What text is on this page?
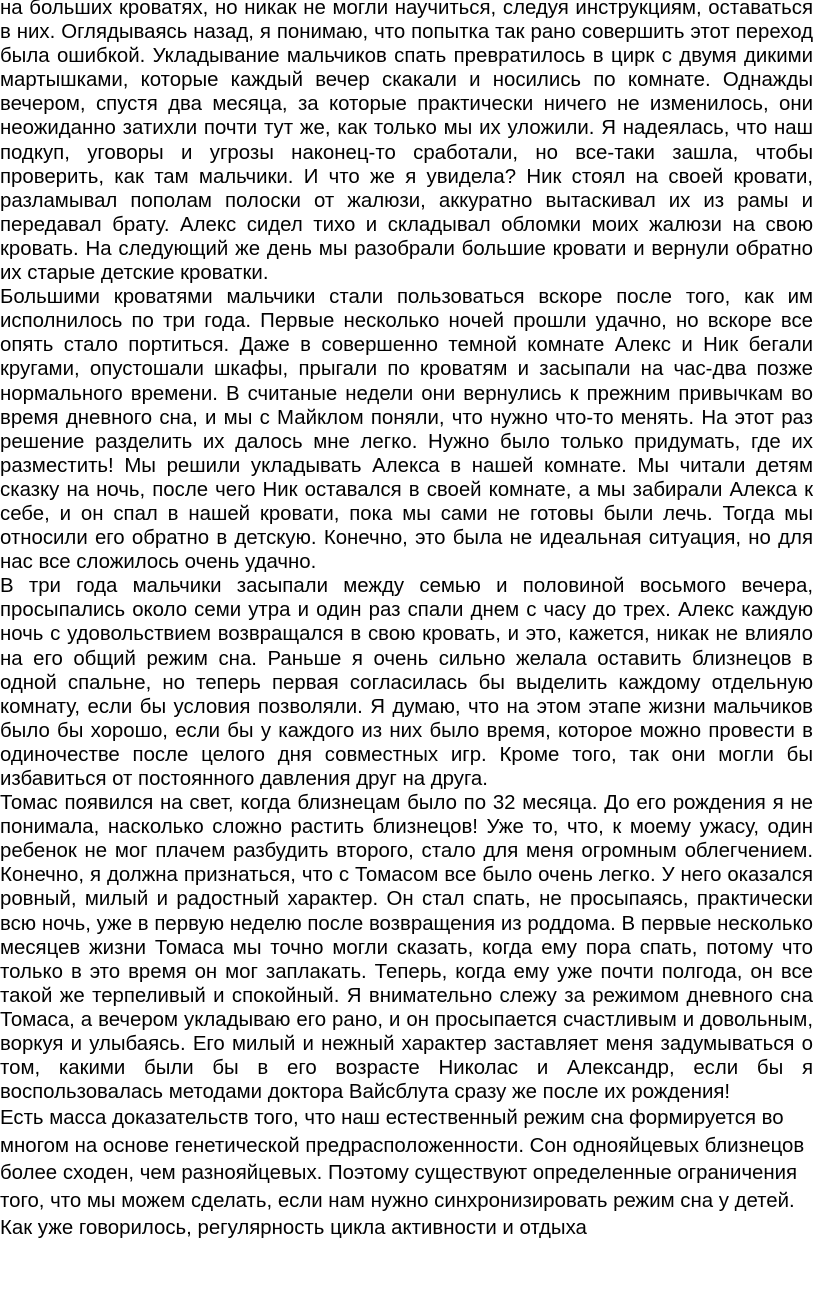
на больших кроватях, но никак не могли научиться, следуя инструкциям, оставаться в них. Оглядываясь назад, я понимаю, что попытка так рано совершить этот переход была ошибкой. Укладывание мальчиков спать превратилось в цирк с двумя дикими мартышками, которые каждый вечер скакали и носились по комнате. Однажды вечером, спустя два месяца, за которые практически ничего не изменилось, они неожиданно затихли почти тут же, как только мы их уложили. Я надеялась, что наш подкуп, уговоры и угрозы наконец-то сработали, но все-таки зашла, чтобы проверить, как там мальчики. И что же я увидела? Ник стоял на своей кровати, разламывал пополам полоски от жалюзи, аккуратно вытаскивал их из рамы и передавал брату. Алекс сидел тихо и складывал обломки моих жалюзи на свою кровать. На следующий же день мы разобрали большие кровати и вернули обратно их старые детские кроватки.

Большими кроватями мальчики стали пользоваться вскоре после того, как им исполнилось по три года. Первые несколько ночей прошли удачно, но вскоре все опять стало портиться. Даже в совершенно темной комнате Алекс и Ник бегали кругами, опустошали шкафы, прыгали по кроватям и засыпали на час-два позже нормального времени. В считаные недели они вернулись к прежним привычкам во время дневного сна, и мы с Майклом поняли, что нужно что-то менять. На этот раз решение разделить их далось мне легко. Нужно было только придумать, где их разместить! Мы решили укладывать Алекса в нашей комнате. Мы читали детям сказку на ночь, после чего Ник оставался в своей комнате, а мы забирали Алекса к себе, и он спал в нашей кровати, пока мы сами не готовы были лечь. Тогда мы относили его обратно в детскую. Конечно, это была не идеальная ситуация, но для нас все сложилось очень удачно.

В три года мальчики засыпали между семью и половиной восьмого вечера, просыпались около семи утра и один раз спали днем с часу до трех. Алекс каждую ночь с удовольствием возвращался в свою кровать, и это, кажется, никак не влияло на его общий режим сна. Раньше я очень сильно желала оставить близнецов в одной спальне, но теперь первая согласилась бы выделить каждому отдельную комнату, если бы условия позволяли. Я думаю, что на этом этапе жизни мальчиков было бы хорошо, если бы у каждого из них было время, которое можно провести в одиночестве после целого дня совместных игр. Кроме того, так они могли бы избавиться от постоянного давления друг на друга.

Томас появился на свет, когда близнецам было по 32 месяца. До его рождения я не понимала, насколько сложно растить близнецов! Уже то, что, к моему ужасу, один ребенок не мог плачем разбудить второго, стало для меня огромным облегчением. Конечно, я должна признаться, что с Томасом все было очень легко. У него оказался ровный, милый и радостный характер. Он стал спать, не просыпаясь, практически всю ночь, уже в первую неделю после возвращения из роддома. В первые несколько месяцев жизни Томаса мы точно могли сказать, когда ему пора спать, потому что только в это время он мог заплакать. Теперь, когда ему уже почти полгода, он все такой же терпеливый и спокойный. Я внимательно слежу за режимом дневного сна Томаса, а вечером укладываю его рано, и он просыпается счастливым и довольным, воркуя и улыбаясь. Его милый и нежный характер заставляет меня задумываться о том, какими были бы в его возрасте Николас и Александр, если бы я воспользовалась методами доктора Вайсблута сразу же после их рождения!

Есть масса доказательств того, что наш естественный режим сна формируется во многом на основе генетической предрасположенности. Сон однояйцевых близнецов более сходен, чем разнояйцевых. Поэтому существуют определенные ограничения того, что мы можем сделать, если нам нужно синхронизировать режим сна у детей. Как уже говорилось, регулярность цикла активности и отдыха
